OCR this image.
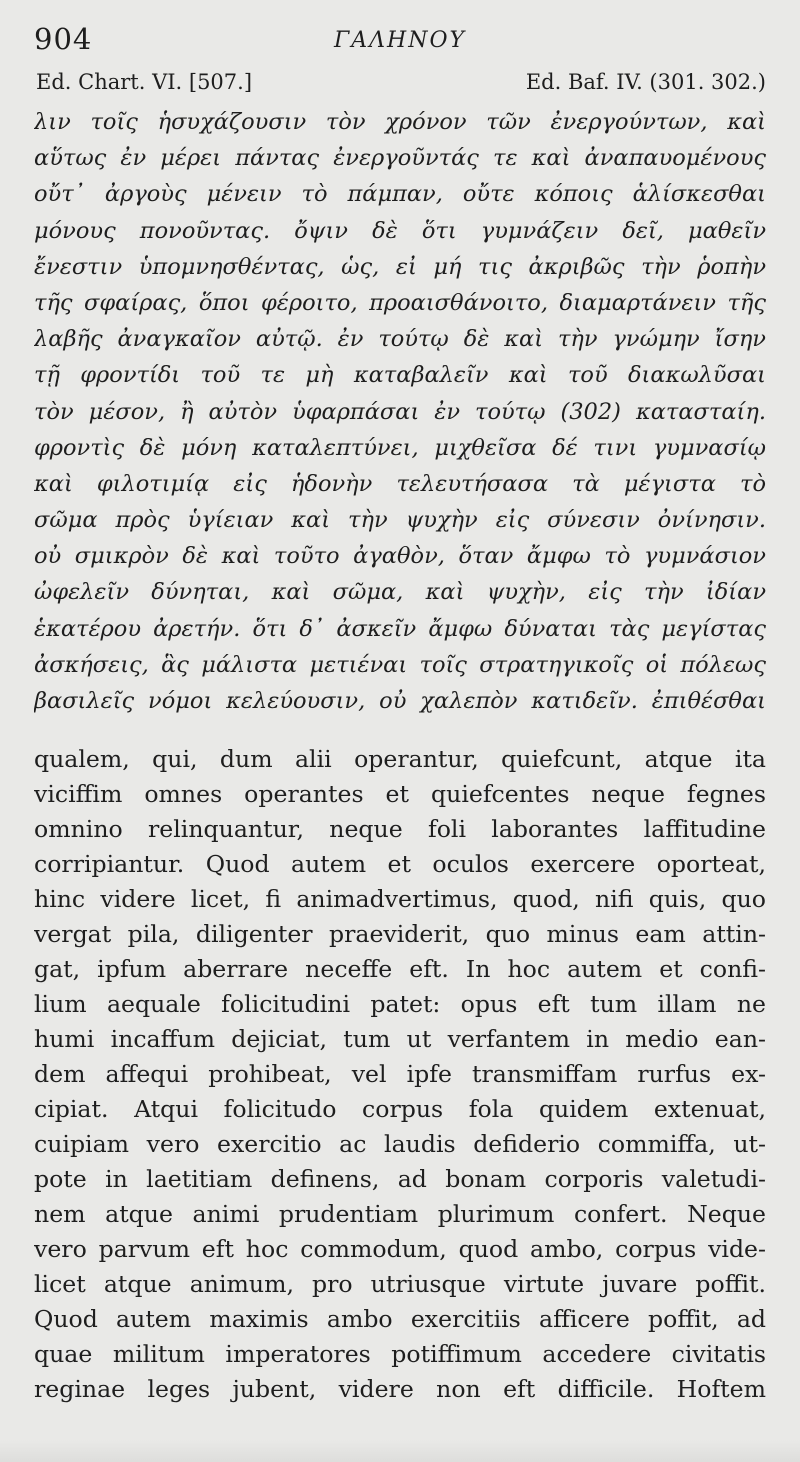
904	ΓΑΛΗΝΟΥ
Ed. Chart. VI. [507.]	Ed. Baf. IV. (301. 302.)
λιν τοῖς ἡσυχάζουσιν τὸν χρόνον τῶν ἐνεργούντων, καὶ
αὕτως ἐν μέρει πάντας ἐνεργοῦντάς τε καὶ ἀναπαυομένους
οὔτ᾽ ἀργοὺς μένειν τὸ πάμπαν, οὔτε κόποις ἁλίσκεσθαι
μόνους πονοῦντας. ὄψιν δὲ ὅτι γυμνάζειν δεῖ, μαθεῖν
ἔνεστιν ὑπομνησθέντας, ὡς, εἰ μή τις ἀκριβῶς τὴν ῥοπὴν
τῆς σφαίρας, ὅποι φέροιτο, προαισθάνοιτο, διαμαρτάνειν τῆς
λαβῆς ἀναγκαῖον αὐτῷ. ἐν τούτῳ δὲ καὶ τὴν γνώμην ἴσην
τῇ φροντίδι τοῦ τε μὴ καταβαλεῖν καὶ τοῦ διακωλῦσαι
τὸν μέσον, ἢ αὐτὸν ὑφαρπάσαι ἐν τούτῳ (302) κατασταίη.
φροντὶς δὲ μόνη καταλεπτύνει, μιχθεῖσα δέ τινι γυμνασίῳ
καὶ φιλοτιμίᾳ εἰς ἡδονὴν τελευτήσασα τὰ μέγιστα τὸ
σῶμα πρὸς ὑγίειαν καὶ τὴν ψυχὴν εἰς σύνεσιν ὀνίνησιν.
οὐ σμικρὸν δὲ καὶ τοῦτο ἀγαθὸν, ὅταν ἄμφω τὸ γυμνάσιον
ὠφελεῖν δύνηται, καὶ σῶμα, καὶ ψυχὴν, εἰς τὴν ἰδίαν
ἑκατέρου ἀρετήν. ὅτι δ᾽ ἀσκεῖν ἄμφω δύναται τὰς μεγίστας
ἀσκήσεις, ἃς μάλιστα μετιέναι τοῖς στρατηγικοῖς οἱ πόλεως
βασιλεῖς νόμοι κελεύουσιν, οὐ χαλεπὸν κατιδεῖν. ἐπιθέσθαι
qualem, qui, dum alii operantur, quiefcunt, atque ita
viciffim omnes operantes et quiefcentes neque fegnes
omnino relinquantur, neque foli laborantes laffitudine
corripiantur. Quod autem et oculos exercere oporteat,
hinc videre licet, fi animadvertimus, quod, nifi quis, quo
vergat pila, diligenter praeviderit, quo minus eam attin-
gat, ipfum aberrare neceffe eft. In hoc autem et confi-
lium aequale folicitudini patet: opus eft tum illam ne
humi incaffum dejiciat, tum ut verfantem in medio ean-
dem affequi prohibeat, vel ipfe transmiffam rurfus ex-
cipiat. Atqui folicitudo corpus fola quidem extenuat,
cuipiam vero exercitio ac laudis defiderio commiffa, ut-
pote in laetitiam definens, ad bonam corporis valetudi-
nem atque animi prudentiam plurimum confert. Neque
vero parvum eft hoc commodum, quod ambo, corpus vide-
licet atque animum, pro utriusque virtute juvare poffit.
Quod autem maximis ambo exercitiis afficere poffit, ad
quae militum imperatores potiffimum accedere civitatis
reginae leges jubent, videre non eft difficile. Hoftem
